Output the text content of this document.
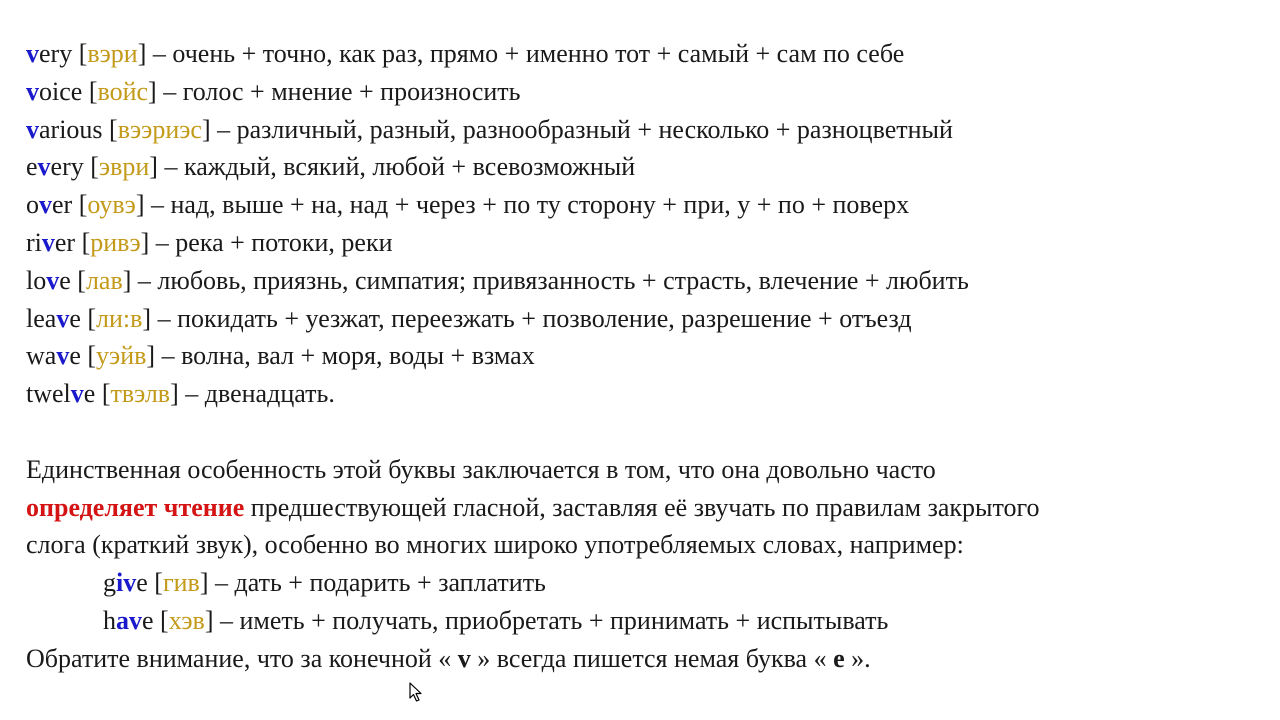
very [вэри] – очень + точно, как раз, прямо + именно тот + самый + сам по себе
voice [войс] – голос + мнение + произносить
various [вээриэс] – различный, разный, разнообразный + несколько + разноцветный
every [эври] – каждый, всякий, любой + всевозможный
over [оувэ] – над, выше + на, над + через + по ту сторону + при, у + по + поверх
river [ривэ] – река + потоки, реки
love [лав] – любовь, приязнь, симпатия; привязанность + страсть, влечение + любить
leave [ли:в] – покидать + уезжат, переезжать + позволение, разрешение + отъезд
wave [уэйв] – волна, вал + моря, воды + взмах
twelve [твэлв] – двенадцать.
Единственная особенность этой буквы заключается в том, что она довольно часто
определяет чтение предшествующей гласной, заставляя её звучать по правилам закрытого
слога (краткий звук), особенно во многих широко употребляемых словах, например:
give [гив] – дать + подарить + заплатить
have [хэв] – иметь + получать, приобретать + принимать + испытывать
Обратите внимание, что за конечной « v » всегда пишется немая буква « e ».
